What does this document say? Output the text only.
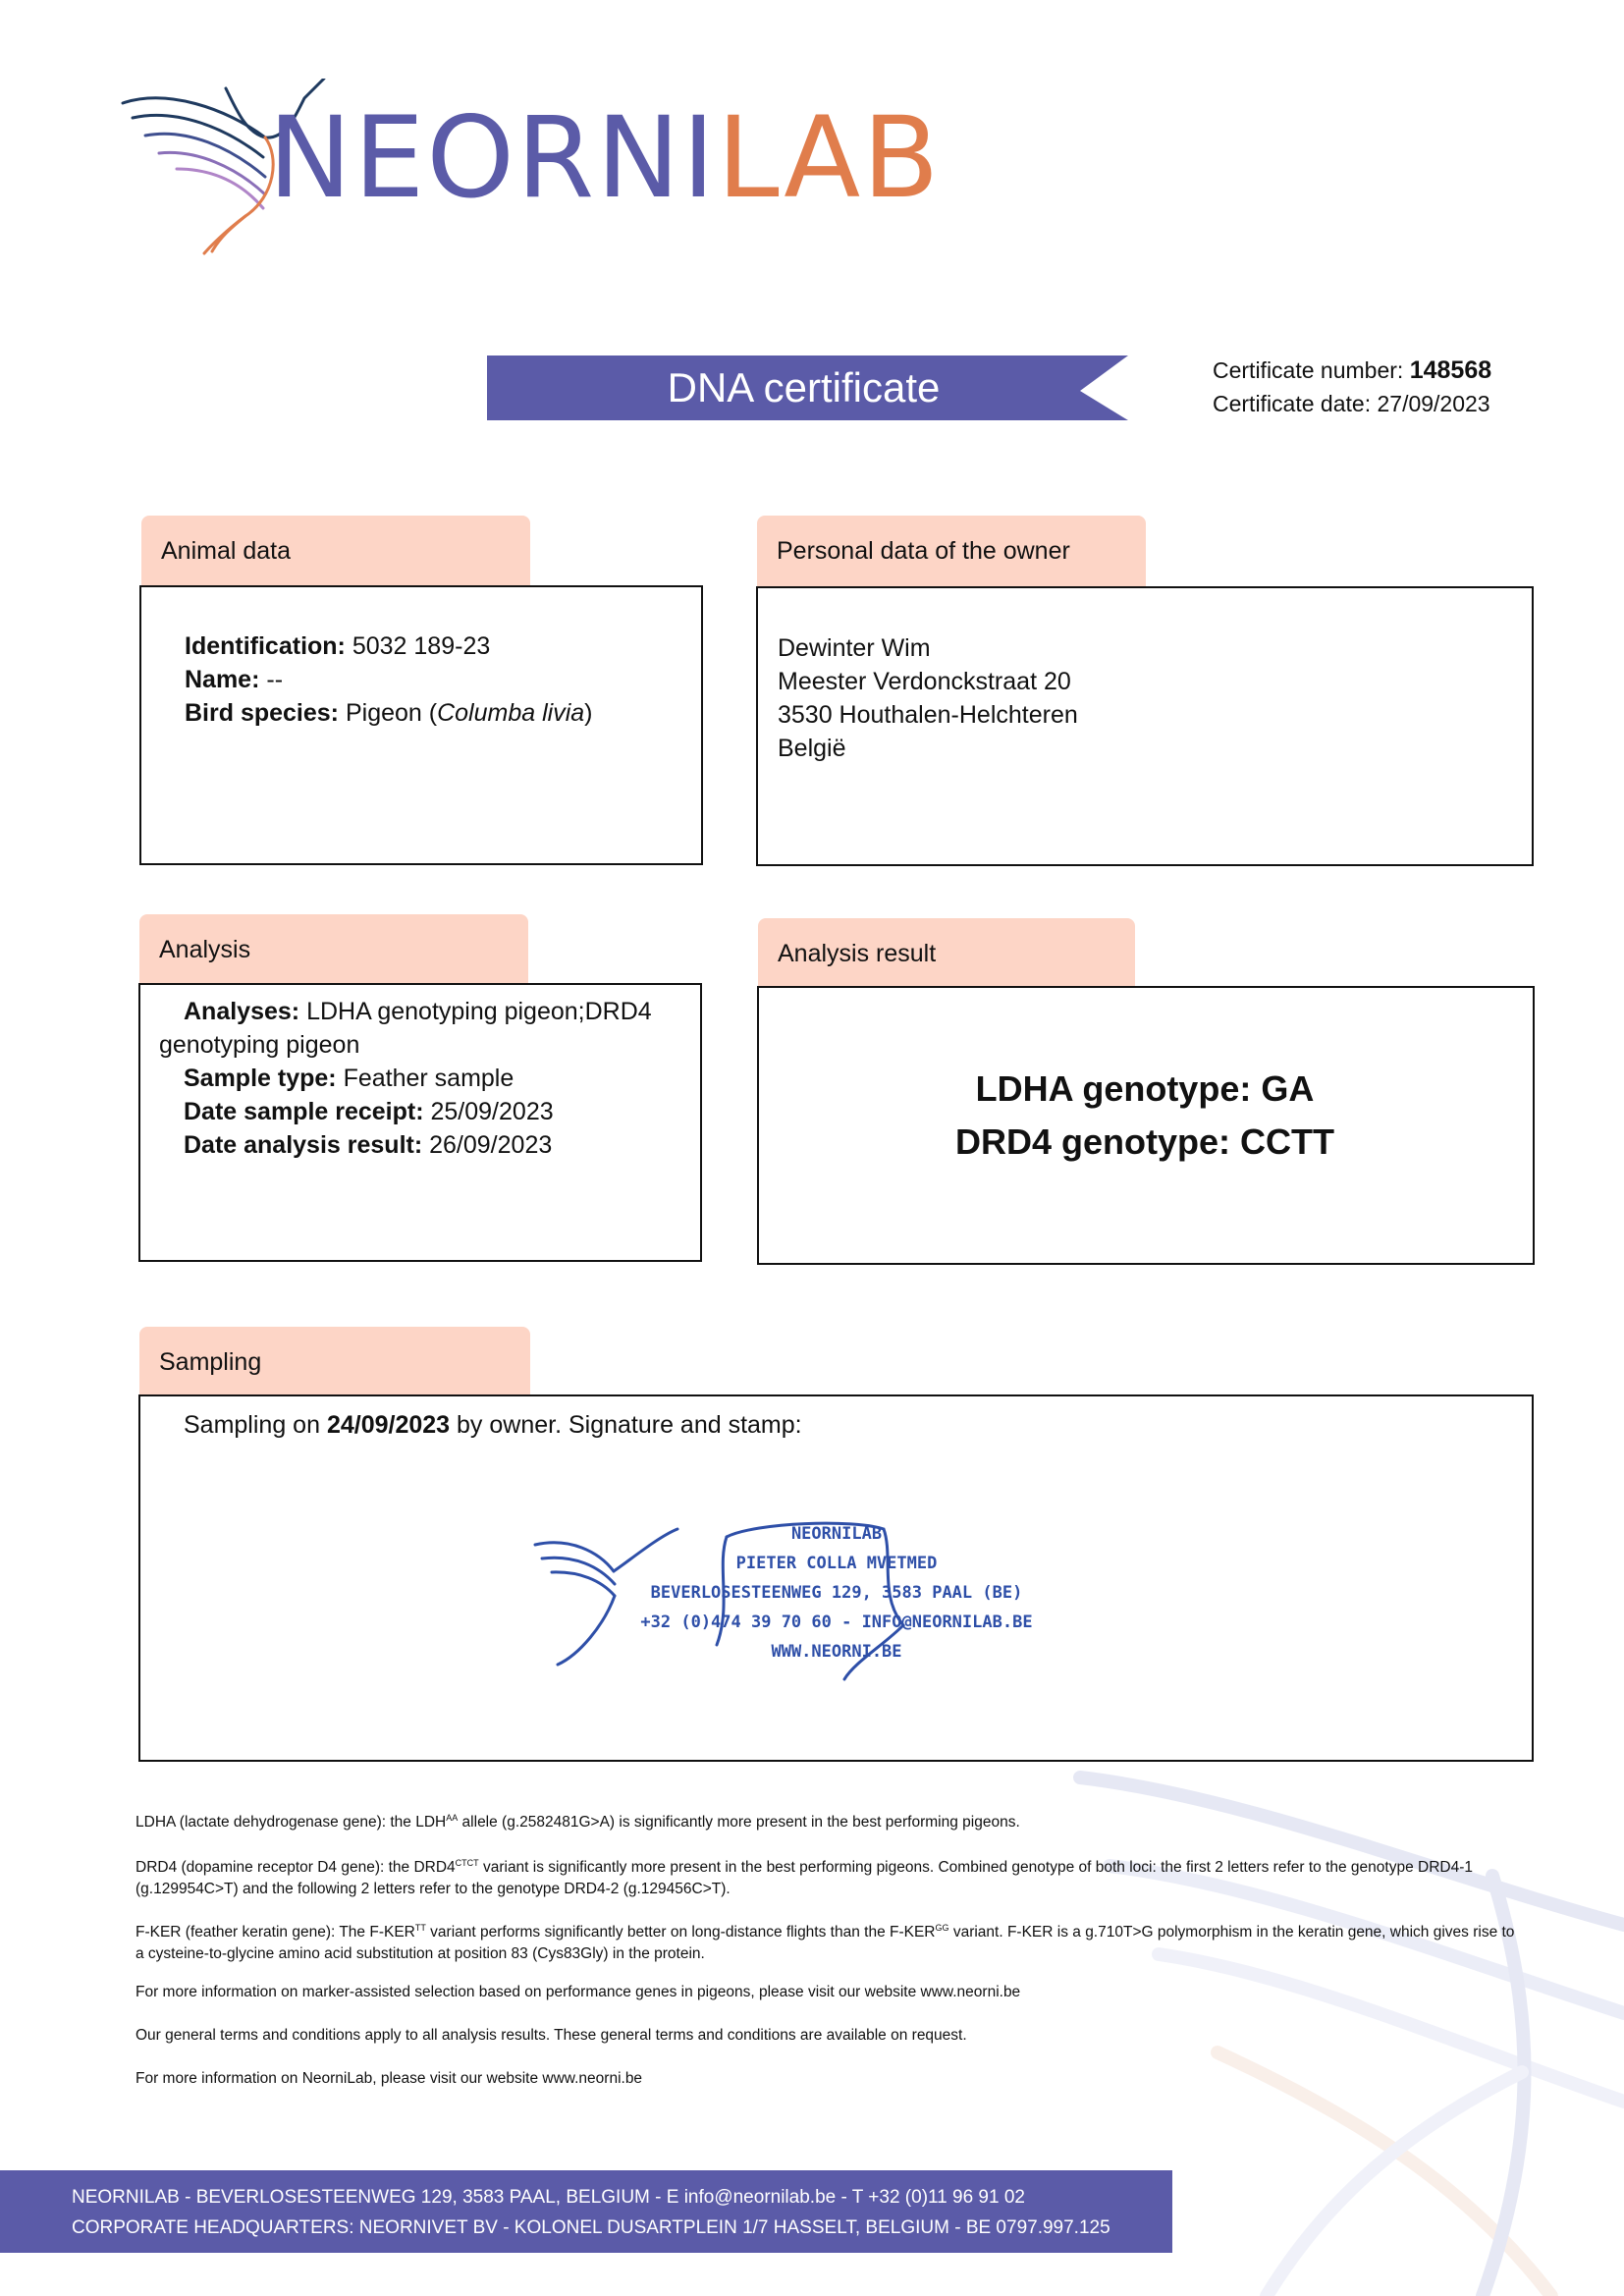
NEORNILAB
DNA certificate	Certificate number: 148568
Certificate date: 27/09/2023
Animal data
Identification: 5032 189-23
Name: --
Bird species: Pigeon (Columba livia)
Personal data of the owner
Dewinter Wim
Meester Verdonckstraat 20
3530 Houthalen-Helchteren
België
Analysis
Analyses: LDHA genotyping pigeon;DRD4
genotyping pigeon
Sample type: Feather sample
Date sample receipt: 25/09/2023
Date analysis result: 26/09/2023
Analysis result
LDHA genotype: GA
DRD4 genotype: CCTT
Sampling
Sampling on 24/09/2023 by owner. Signature and stamp:
NEORNILAB
PIETER COLLA MVETMED
BEVERLOSESTEENWEG 129, 3583 PAAL (BE)
+32 (0)474 39 70 60 - INFO@NEORNILAB.BE
WWW.NEORNI.BE
LDHA (lactate dehydrogenase gene): the $LDH^{AA}$ allele (g.2582481G>A) is significantly more present in the best performing pigeons.
DRD4 (dopamine receptor D4 gene): the $DRD4^{CTCT}$ variant is significantly more present in the best performing pigeons. Combined genotype of both loci: the first 2 letters refer to the genotype DRD4-1 (g.129954C>T) and the following 2 letters refer to the genotype DRD4-2 (g.129456C>T).
F-KER (feather keratin gene): The $F-KER^{TT}$ variant performs significantly better on long-distance flights than the $F-KER^{GG}$ variant. F-KER is a g.710T>G polymorphism in the keratin gene, which gives rise to a cysteine-to-glycine amino acid substitution at position 83 (Cys83Gly) in the protein.
For more information on marker-assisted selection based on performance genes in pigeons, please visit our website www.neorni.be
Our general terms and conditions apply to all analysis results. These general terms and conditions are available on request.
For more information on NeorniLab, please visit our website www.neorni.be
NEORNILAB - BEVERLOSESTEENWEG 129, 3583 PAAL, BELGIUM - E info@neornilab.be - T +32 (0)11 96 91 02
CORPORATE HEADQUARTERS: NEORNIVET BV - KOLONEL DUSARTPLEIN 1/7 HASSELT, BELGIUM - BE 0797.997.125
